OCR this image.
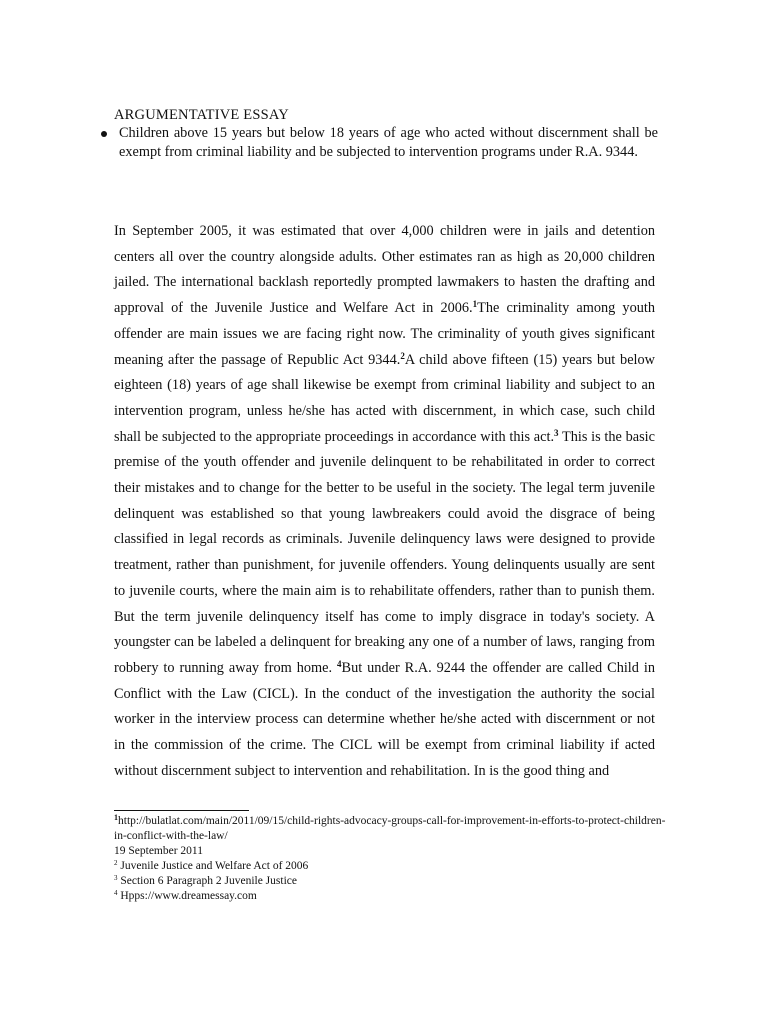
ARGUMENTATIVE ESSAY
Children above 15 years but below 18 years of age who acted without discernment shall be exempt from criminal liability and be subjected to intervention programs under R.A. 9344.

In September 2005, it was estimated that over 4,000 children were in jails and detention centers all over the country alongside adults. Other estimates ran as high as 20,000 children jailed. The international backlash reportedly prompted lawmakers to hasten the drafting and approval of the Juvenile Justice and Welfare Act in 2006.$^1$The criminality among youth offender are main issues we are facing right now. The criminality of youth gives significant meaning after the passage of Republic Act 9344.$^2$A child above fifteen (15) years but below eighteen (18) years of age shall likewise be exempt from criminal liability and subject to an intervention program, unless he/she has acted with discernment, in which case, such child shall be subjected to the appropriate proceedings in accordance with this act.$^3$ This is the basic premise of the youth offender and juvenile delinquent to be rehabilitated in order to correct their mistakes and to change for the better to be useful in the society. The legal term juvenile delinquent was established so that young lawbreakers could avoid the disgrace of being classified in legal records as criminals. Juvenile delinquency laws were designed to provide treatment, rather than punishment, for juvenile offenders. Young delinquents usually are sent to juvenile courts, where the main aim is to rehabilitate offenders, rather than to punish them. But the term juvenile delinquency itself has come to imply disgrace in today's society. A youngster can be labeled a delinquent for breaking any one of a number of laws, ranging from robbery to running away from home. $^4$But under R.A. 9244 the offender are called Child in Conflict with the Law (CICL). In the conduct of the investigation the authority the social worker in the interview process can determine whether he/she acted with discernment or not in the commission of the crime. The CICL will be exempt from criminal liability if acted without discernment subject to intervention and rehabilitation. In is the good thing and

$^1$http://bulatlat.com/main/2011/09/15/child-rights-advocacy-groups-call-for-improvement-in-efforts-to-protect-children-in-conflict-with-the-law/

19 September 2011

$^2$ Juvenile Justice and Welfare Act of 2006

$^3$ Section 6 Paragraph 2 Juvenile Justice

$^4$ Hpps://www.dreamessay.com
